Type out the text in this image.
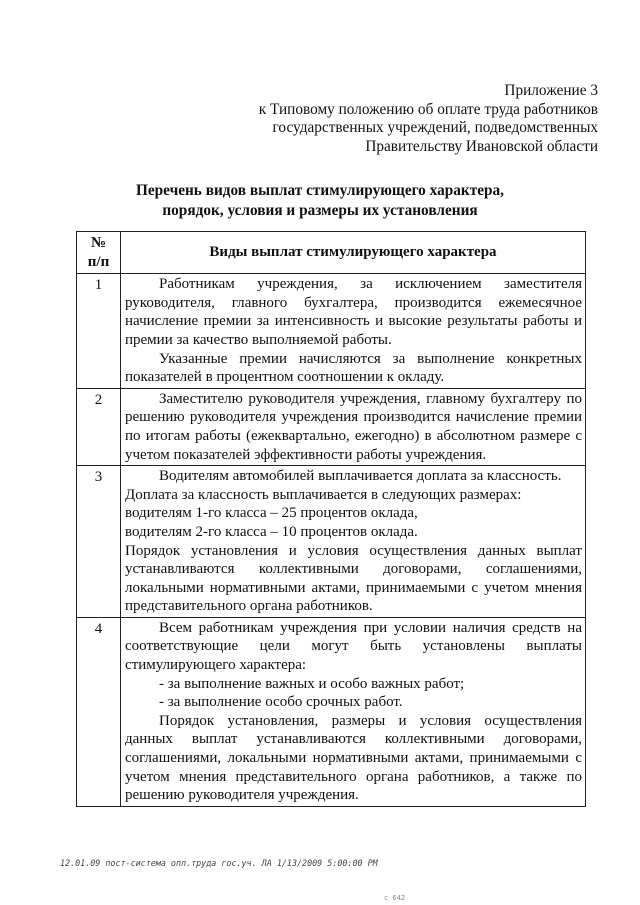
Приложение 3
к Типовому положению об оплате труда работников
государственных учреждений, подведомственных
Правительству Ивановской области
Перечень видов выплат стимулирующего характера,
порядок, условия и размеры их установления
№
п/п	Виды выплат стимулирующего характера
1	Работникам учреждения, за исключением заместителя руководителя, главного бухгалтера, производится ежемесячное начисление премии за интенсивность и высокие результаты работы и премии за качество выполняемой работы.

Указанные премии начисляются за выполнение конкретных показателей в процентном соотношении к окладу.

2	Заместителю руководителя учреждения, главному бухгалтеру по решению руководителя учреждения производится начисление премии по итогам работы (ежеквартально, ежегодно) в абсолютном размере с учетом показателей эффективности работы учреждения.

3	Водителям автомобилей выплачивается доплата за классность.

Доплата за классность выплачивается в следующих размерах:

водителям 1-го класса – 25 процентов оклада,

водителям 2-го класса – 10 процентов оклада.

Порядок установления и условия осуществления данных выплат устанавливаются коллективными договорами, соглашениями, локальными нормативными актами, принимаемыми с учетом мнения представительного органа работников.

4	Всем работникам учреждения при условии наличия средств на соответствующие цели могут быть установлены выплаты стимулирующего характера:

- за выполнение важных и особо важных работ;

- за выполнение особо срочных работ.

Порядок установления, размеры и условия осуществления данных выплат устанавливаются коллективными договорами, соглашениями, локальными нормативными актами, принимаемыми с учетом мнения представительного органа работников, а также по решению руководителя учреждения.

12.01.09 пост-система опл.труда гос.уч. ЛА 1/13/2009 5:00:00 PM
с 642
